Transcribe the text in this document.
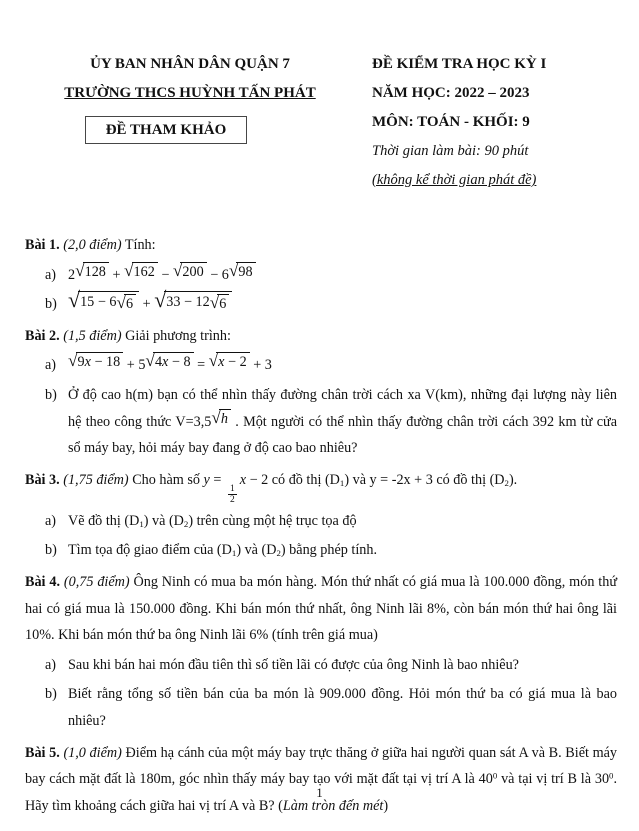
ỦY BAN NHÂN DÂN QUẬN 7
TRƯỜNG THCS HUỲNH TẤN PHÁT
ĐỀ THAM KHẢO
ĐỀ KIỂM TRA HỌC KỲ I
NĂM HỌC: 2022 – 2023
MÔN: TOÁN - KHỐI: 9
Thời gian làm bài: 90 phút
(không kể thời gian phát đề)
Bài 1. (2,0 điểm) Tính:
a) 2√128 + √162 − √200 − 6√98
b) √15 − 6√6 + √33 − 12√6
Bài 2. (1,5 điểm) Giải phương trình:
a) √9x − 18 + 5√4x − 8 = √x − 2 + 3
b) Ở độ cao h(m) bạn có thể nhìn thấy đường chân trời cách xa V(km), những đại lượng này liên hệ theo công thức V=3,5√h . Một người có thể nhìn thấy đường chân trời cách 392 km từ cửa sổ máy bay, hỏi máy bay đang ở độ cao bao nhiêu?
Bài 3. (1,75 điểm) Cho hàm số y =
$\frac{1}{2}$
x − 2 có đồ thị $(D_1)$ và y = -2x + 3 có đồ thị $(D_2)$.
a) Vẽ đồ thị $(D_1)$ và $(D_2)$ trên cùng một hệ trục tọa độ
b) Tìm tọa độ giao điểm của $(D_1)$ và $(D_2)$ bằng phép tính.
Bài 4. (0,75 điểm) Ông Ninh có mua ba món hàng. Món thứ nhất có giá mua là 100.000 đồng, món thứ hai có giá mua là 150.000 đồng. Khi bán món thứ nhất, ông Ninh lãi 8%, còn bán món thứ hai ông lãi 10%. Khi bán món thứ ba ông Ninh lãi 6% (tính trên giá mua)
a) Sau khi bán hai món đầu tiên thì số tiền lãi có được của ông Ninh là bao nhiêu?
b) Biết rằng tổng số tiền bán của ba món là 909.000 đồng. Hỏi món thứ ba có giá mua là bao nhiêu?
Bài 5. (1,0 điểm) Điểm hạ cánh của một máy bay trực thăng ở giữa hai người quan sát A và B. Biết máy bay cách mặt đất là 180m, góc nhìn thấy máy bay tạo với mặt đất tại vị trí A là $40^0$ và tại vị trí B là $30^0$. Hãy tìm khoảng cách giữa hai vị trí A và B? (Làm tròn đến mét)
1
